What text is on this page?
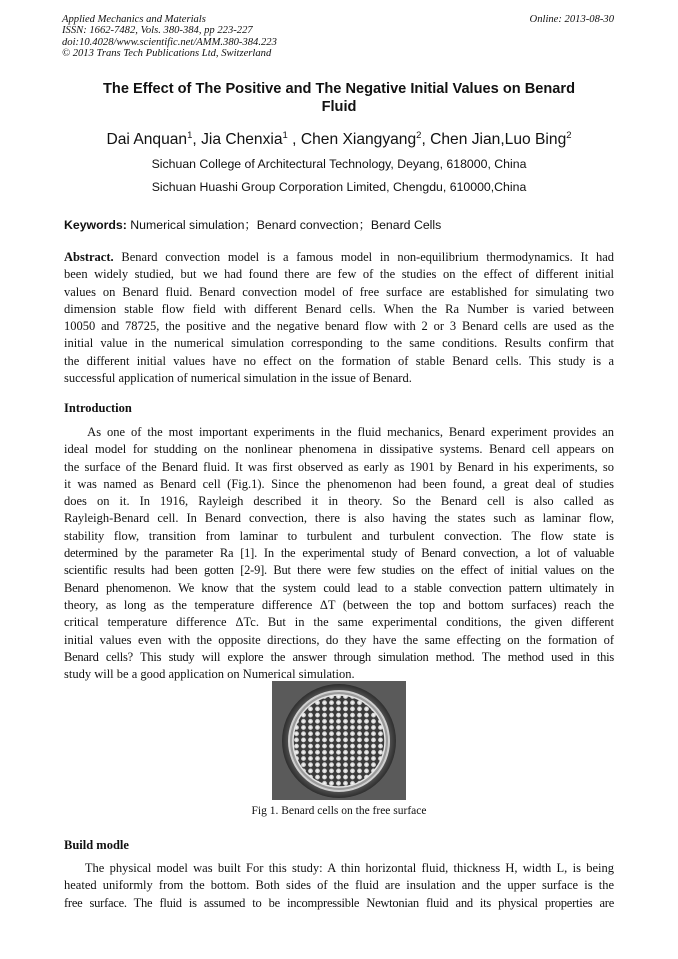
Applied Mechanics and Materials
ISSN: 1662-7482, Vols. 380-384, pp 223-227
doi:10.4028/www.scientific.net/AMM.380-384.223
© 2013 Trans Tech Publications Ltd, Switzerland
Online: 2013-08-30
The Effect of The Positive and The Negative Initial Values on Benard
Fluid
Dai Anquan$^1$, Jia Chenxia$^1$ , Chen Xiangyang$^2$, Chen Jian,Luo Bing$^2$
Sichuan College of Architectural Technology, Deyang, 618000, China
Sichuan Huashi Group Corporation Limited, Chengdu, 610000,China
Keywords: Numerical simulation；Benard convection；Benard Cells
Abstract. Benard convection model is a famous model in non-equilibrium thermodynamics. It had
been widely studied, but we had found there are few of the studies on the effect of different initial
values on Benard fluid. Benard convection model of free surface are established for simulating two
dimension stable flow field with different Benard cells. When the Ra Number is varied between
10050 and 78725, the positive and the negative benard flow with 2 or 3 Benard cells are used as the
initial value in the numerical simulation corresponding to the same conditions. Results confirm that
the different initial values have no effect on the formation of stable Benard cells. This study is a
successful application of numerical simulation in the issue of Benard.
Introduction
As one of the most important experiments in the fluid mechanics, Benard experiment provides an
ideal model for studding on the nonlinear phenomena in dissipative systems. Benard cell appears on
the surface of the Benard fluid. It was first observed as early as 1901 by Benard in his experiments, so
it was named as Benard cell (Fig.1). Since the phenomenon had been found, a great deal of studies
does on it. In 1916, Rayleigh described it in theory. So the Benard cell is also called as
Rayleigh-Benard cell. In Benard convection, there is also having the states such as laminar flow,
stability flow, transition from laminar to turbulent and turbulent convection. The flow state is
determined by the parameter Ra [1]. In the experimental study of Benard convection, a lot of valuable
scientific results had been gotten [2-9]. But there were few studies on the effect of initial values on the
Benard phenomenon. We know that the system could lead to a stable convection pattern ultimately in
theory, as long as the temperature difference ΔT (between the top and bottom surfaces) reach the
critical temperature difference ΔTc. But in the same experimental conditions, the given different
initial values even with the opposite directions, do they have the same effecting on the formation of
Benard cells? This study will explore the answer through simulation method. The method used in this
study will be a good application on Numerical simulation.
Fig 1. Benard cells on the free surface
Build modle
The physical model was built For this study: A thin horizontal fluid, thickness H, width L, is being
heated uniformly from the bottom. Both sides of the fluid are insulation and the upper surface is the
free surface. The fluid is assumed to be incompressible Newtonian fluid and its physical properties are
